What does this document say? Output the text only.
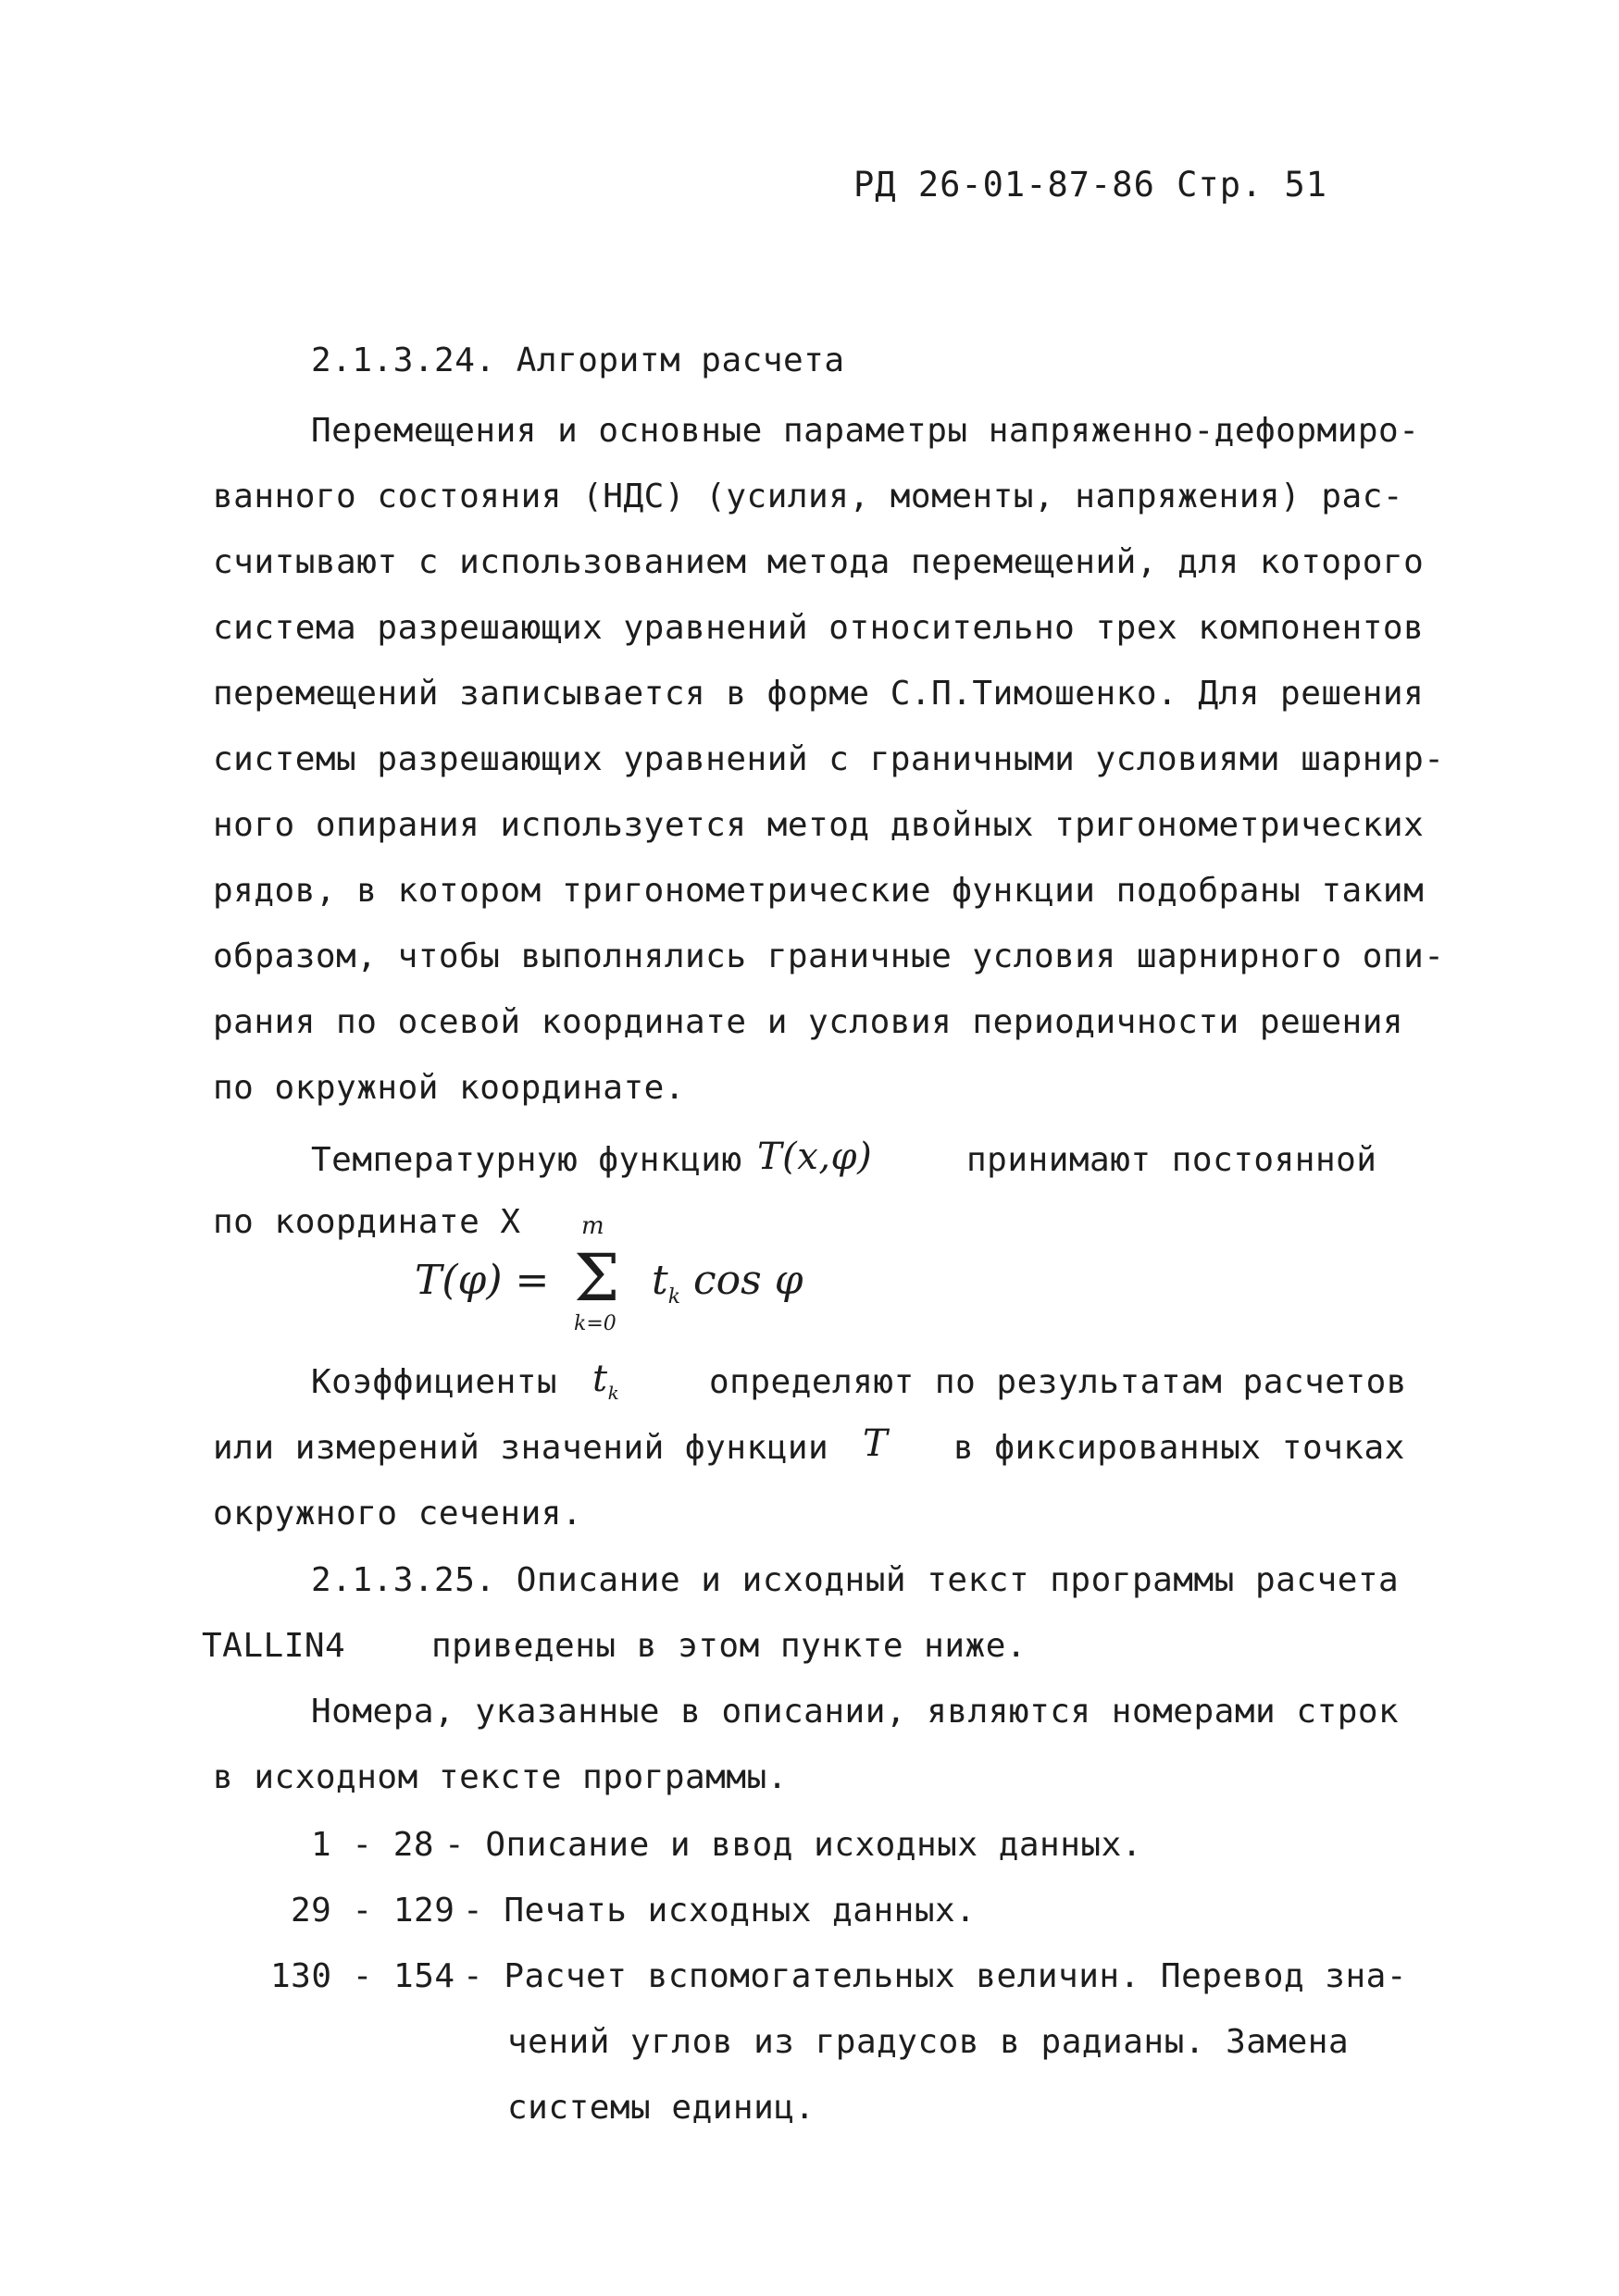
РД 26-01-87-86 Стр. 51
2.1.3.24. Алгоритм расчета
Перемещения и основные параметры напряженно-деформиро-
ванного состояния (НДС) (усилия, моменты, напряжения) рас-
считывают с использованием метода перемещений, для которого
система разрешающих уравнений относительно трех компонентов
перемещений записывается в форме С.П.Тимошенко. Для решения
системы разрешающих уравнений с граничными условиями шарнир-
ного опирания используется метод двойных тригонометрических
рядов, в котором тригонометрические функции подобраны таким
образом, чтобы выполнялись граничные условия шарнирного опи-
рания по осевой координате и условия периодичности решения
по окружной координате.
Температурную функцию T(x,φ)	принимают постоянной
по координате X
T(φ) =
m
Σ
k=0
$t_k$ cos φ
Коэффициенты $t_k$	определяют по результатам расчетов
или измерений значений функции T в фиксированных точках
окружного сечения.
2.1.3.25. Описание и исходный текст программы расчета
TALLIN4	приведены в этом пункте ниже.
Номера, указанные в описании, являются номерами строк
в исходном тексте программы.
1 - 28 - Описание и ввод исходных данных.
29 - 129 - Печать исходных данных.
130 - 154 - Расчет вспомогательных величин. Перевод зна-
чений углов из градусов в радианы. Замена
системы единиц.
